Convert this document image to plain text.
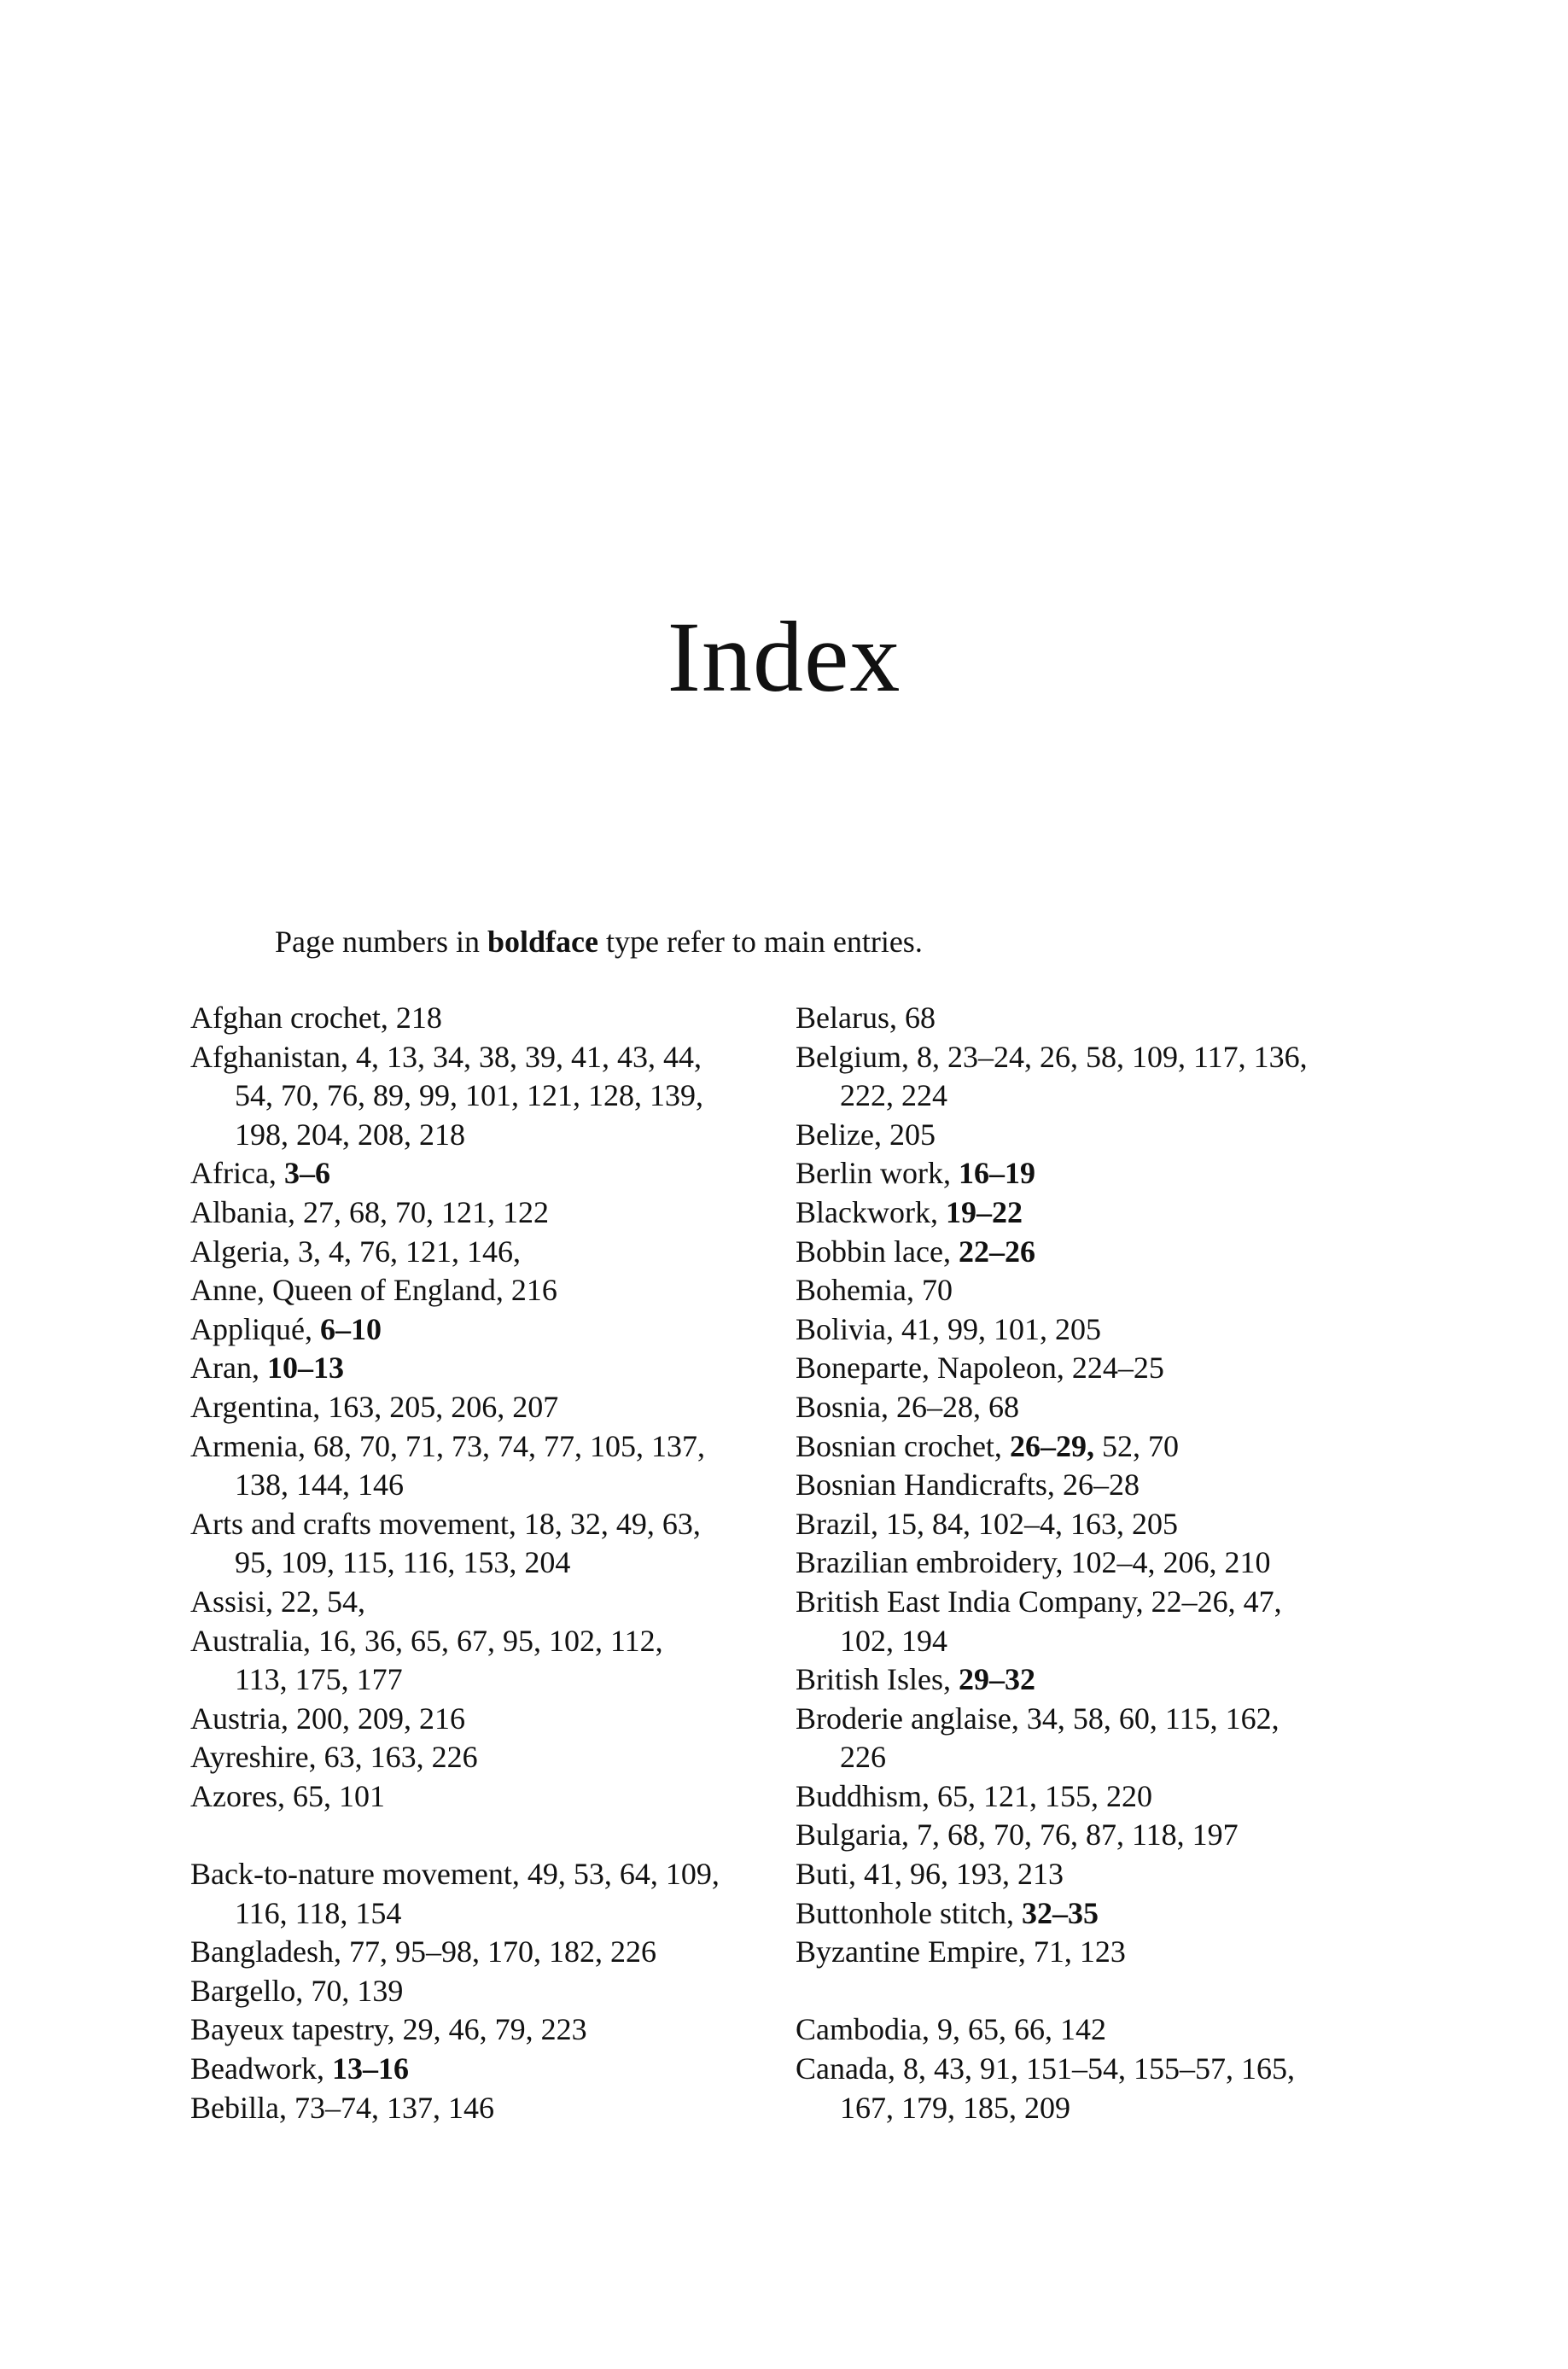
Index
Page numbers in boldface type refer to main entries.
Afghan crochet, 218
Afghanistan, 4, 13, 34, 38, 39, 41, 43, 44,
54, 70, 76, 89, 99, 101, 121, 128, 139,
198, 204, 208, 218
Africa, 3–6
Albania, 27, 68, 70, 121, 122
Algeria, 3, 4, 76, 121, 146,
Anne, Queen of England, 216
Appliqué, 6–10
Aran, 10–13
Argentina, 163, 205, 206, 207
Armenia, 68, 70, 71, 73, 74, 77, 105, 137,
138, 144, 146
Arts and crafts movement, 18, 32, 49, 63,
95, 109, 115, 116, 153, 204
Assisi, 22, 54,
Australia, 16, 36, 65, 67, 95, 102, 112,
113, 175, 177
Austria, 200, 209, 216
Ayreshire, 63, 163, 226
Azores, 65, 101
Back-to-nature movement, 49, 53, 64, 109,
116, 118, 154
Bangladesh, 77, 95–98, 170, 182, 226
Bargello, 70, 139
Bayeux tapestry, 29, 46, 79, 223
Beadwork, 13–16
Bebilla, 73–74, 137, 146
Belarus, 68
Belgium, 8, 23–24, 26, 58, 109, 117, 136,
222, 224
Belize, 205
Berlin work, 16–19
Blackwork, 19–22
Bobbin lace, 22–26
Bohemia, 70
Bolivia, 41, 99, 101, 205
Boneparte, Napoleon, 224–25
Bosnia, 26–28, 68
Bosnian crochet, 26–29, 52, 70
Bosnian Handicrafts, 26–28
Brazil, 15, 84, 102–4, 163, 205
Brazilian embroidery, 102–4, 206, 210
British East India Company, 22–26, 47,
102, 194
British Isles, 29–32
Broderie anglaise, 34, 58, 60, 115, 162,
226
Buddhism, 65, 121, 155, 220
Bulgaria, 7, 68, 70, 76, 87, 118, 197
Buti, 41, 96, 193, 213
Buttonhole stitch, 32–35
Byzantine Empire, 71, 123
Cambodia, 9, 65, 66, 142
Canada, 8, 43, 91, 151–54, 155–57, 165,
167, 179, 185, 209
